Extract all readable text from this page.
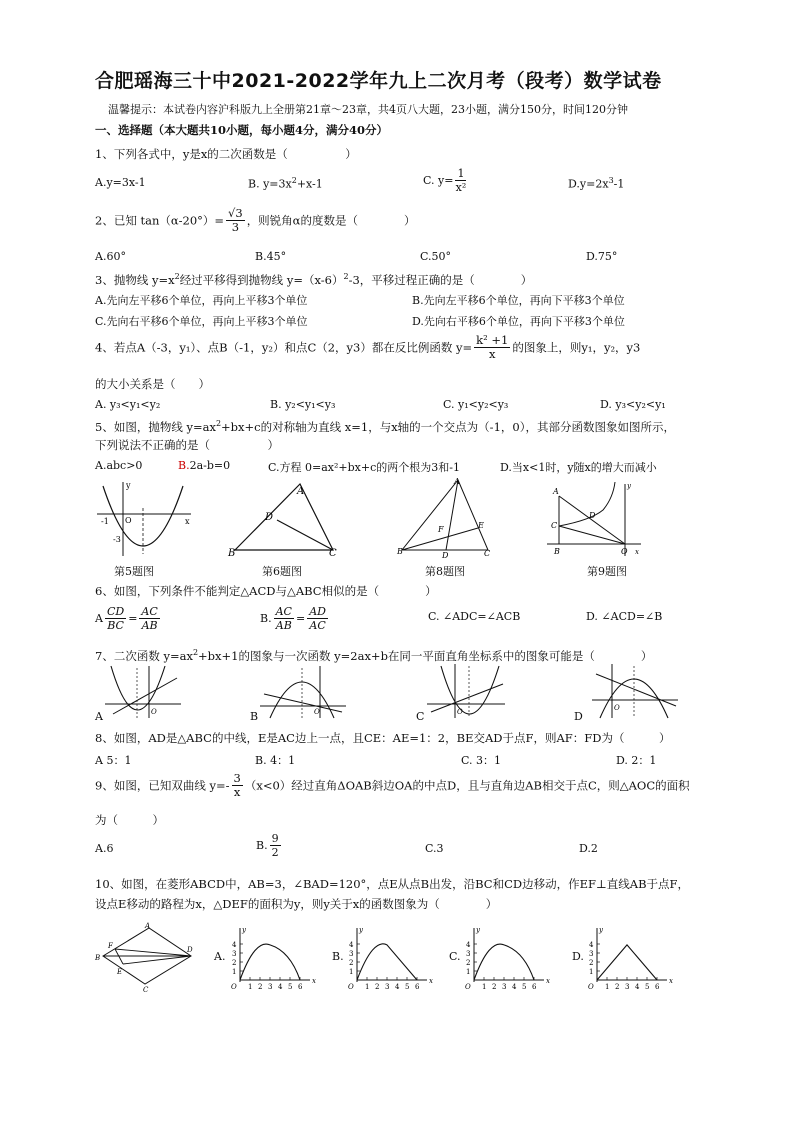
合肥瑶海三十中2021-2022学年九上二次月考（段考）数学试卷
温馨提示：本试卷内容沪科版九上全册第21章～23章，共4页八大题，23小题，满分150分，时间120分钟
一、选择题（本大题共10小题，每小题4分，满分40分）
1、下列各式中，y是x的二次函数是（　　　　　）
A.y=3x-1	B. $y=3x^2+x-1$	C. $y= \frac{1}{\text{x²}}$	$D.y=2x^3-1$
2、已知 $\tan(\alpha-20^\circ)= \frac{√3}{3}$ ，则锐角α的度数是（　　　　）
A.60°	B.45°	C.50°	D.75°
3、抛物线 $y=x^2$经过平移得到抛物线 $y=(x-6)^2-3$，平移过程正确的是（　　　　）
A.先向左平移6个单位，再向上平移3个单位	B.先向左平移6个单位，再向下平移3个单位
C.先向右平移6个单位，再向上平移3个单位	D.先向右平移6个单位，再向下平移3个单位
4、若点A（-3，y₁）、点B（-1，y₂）和点C（2，y3）都在反比例函数 $y= \frac{\text{k² +1}}{x}$ 的图象上，则y₁，y₂，y3
的大小关系是（　　）
A. y₃<y₁<y₂	B. y₂<y₁<y₃	C. y₁<y₂<y₃	D. y₃<y₂<y₁
5、如图，抛物线 $y=ax^2+bx+c$的对称轴为直线 x=1，与x轴的一个交点为（-1，0），其部分函数图象如图所示，
下列说法不正确的是（　　　　　）
A.abc>0	B.2a-b=0	C.方程 0=ax²+bx+c的两个根为3和-1	D.当x<1时，y随x的增大而减小
y
x
O
-1
-3
A
B	C
D
A
B	C
D
E
F
A
B
C
D
O x
y
第5题图	第6题图	第8题图	第9题图
6、如图，下列条件不能判定△ACD与△ABC相似的是（　　　　）
A $\frac{CD}{BC} = \frac{AC}{AB}$	B. $\frac{AC}{AB} = \frac{AD}{AC}$	C. ∠ADC=∠ACB	D. ∠ACD=∠B
7、二次函数 $y=ax^2+bx+1$的图象与一次函数 y=2ax+b在同一平面直角坐标系中的图象可能是（　　　　）
O	O	O	O
A	B	C	D
8、如图，AD是△ABC的中线，E是AC边上一点，且CE：AE=1：2，BE交AD于点F，则AF：FD为（　　　）
A 5：1	B. 4：1	C. 3：1	D. 2：1
9、如图，已知双曲线 $y=- \frac{3}{x} (x<0)$经过直角ΔOAB斜边OA的中点D，且与直角边AB相交于点C，则△AOC的面积
为（　　　）
A.6	B. $\frac{9}{2}$	C.3	D.2
10、如图，在菱形ABCD中，AB=3，∠BAD=120°，点E从点B出发，沿BC和CD边移动，作EF⊥直线AB于点F，
设点E移动的路程为x，△DEF的面积为y，则y关于x的函数图象为（　　　　）
A
B
C
D
E
F
A.
x
y
O
4
3
2
1
1 2 3 4 5 6
B.
x
y
O
4
3
2
1
1 2 3 4 5 6
C.
x
y
O
4
3
2
1
1 2 3 4 5 6
D.
x
y
O
4
3
2
1
1 2 3 4 5 6
